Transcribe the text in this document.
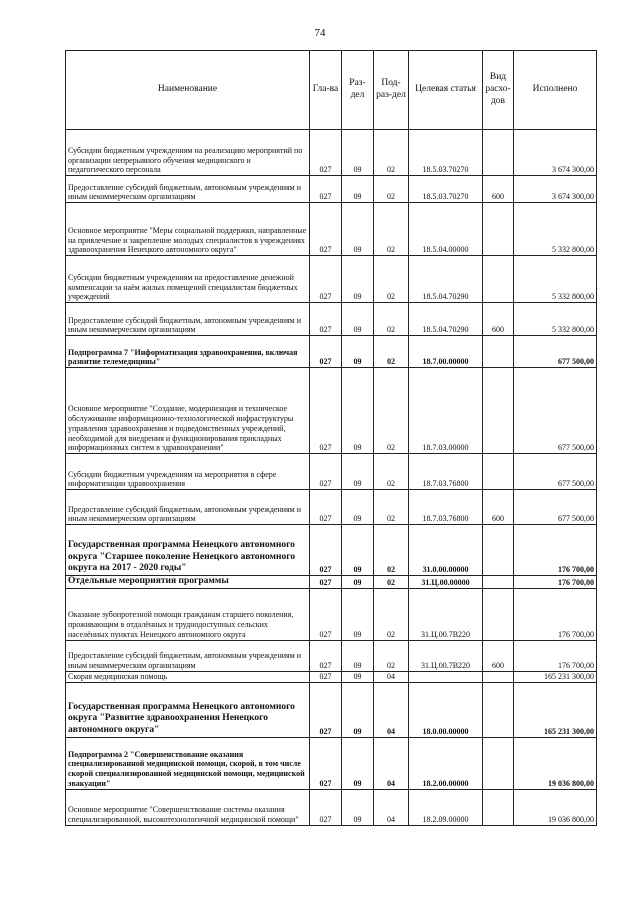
74
Наименование	Гла-ва	Раз-дел	Под-раз-дел	Целевая статья	Вид расхо-дов	Исполнено
Субсидии бюджетным учреждениям на реализацию мероприятий по организации непрерывного обучения медицинского и педагогического персонала	027	09	02	18.5.03.70270		3 674 300,00
Предоставление субсидий бюджетным, автономным учреждениям и иным некоммерческим организациям	027	09	02	18.5.03.70270	600	3 674 300,00
Основное мероприятие "Меры социальной поддержки, направленные на привлечение и закрепление молодых специалистов в учреждениях здравоохранения Ненецкого автономного округа"	027	09	02	18.5.04.00000		5 332 800,00
Субсидии бюджетным учреждениям на предоставление денежной компенсации за наём жилых помещений специалистам бюджетных учреждений	027	09	02	18.5.04.70290		5 332 800,00
Предоставление субсидий бюджетным, автономным учреждениям и иным некоммерческим организациям	027	09	02	18.5.04.70290	600	5 332 800,00
Подпрограмма 7 "Информатизация здравоохранения, включая развитие телемедицины"	027	09	02	18.7.00.00000		677 500,00
Основное мероприятие "Создание, модернизация и техническое обслуживание информационно-технологической инфраструктуры управления здравоохранения и подведомственных учреждений, необходимой для внедрения и функционирования прикладных информационных систем в здравоохранении"	027	09	02	18.7.03.00000		677 500,00
Субсидии бюджетным учреждениям на мероприятия в сфере информатизации здравоохранения	027	09	02	18.7.03.76800		677 500,00
Предоставление субсидий бюджетным, автономным учреждениям и иным некоммерческим организациям	027	09	02	18.7.03.76800	600	677 500,00
Государственная программа Ненецкого автономного округа "Старшее поколение Ненецкого автономного округа на 2017 - 2020 годы"	027	09	02	31.0.00.00000		176 700,00
Отдельные мероприятия программы	027	09	02	31.Ц.00.00000		176 700,00
Оказание зубопротезной помощи гражданам старшего поколения, проживающим в отдалённых и труднодоступных сельских населённых пунктах Ненецкого автономного округа	027	09	02	31.Ц.00.7B220		176 700,00
Предоставление субсидий бюджетным, автономным учреждениям и иным некоммерческим организациям	027	09	02	31.Ц.00.7B220	600	176 700,00
Скорая медицинская помощь	027	09	04			165 231 300,00
Государственная программа Ненецкого автономного округа "Развитие здравоохранения Ненецкого автономного округа"	027	09	04	18.0.00.00000		165 231 300,00
Подпрограмма 2 "Совершенствование оказания специализированной медицинской помощи, скорой, в том числе скорой специализированной медицинской помощи, медицинской эвакуации"	027	09	04	18.2.00.00000		19 036 800,00
Основное мероприятие "Совершенствование системы оказания специализированной, высокотехнологичной медицинской помощи"	027	09	04	18.2.09.00000		19 036 800,00
